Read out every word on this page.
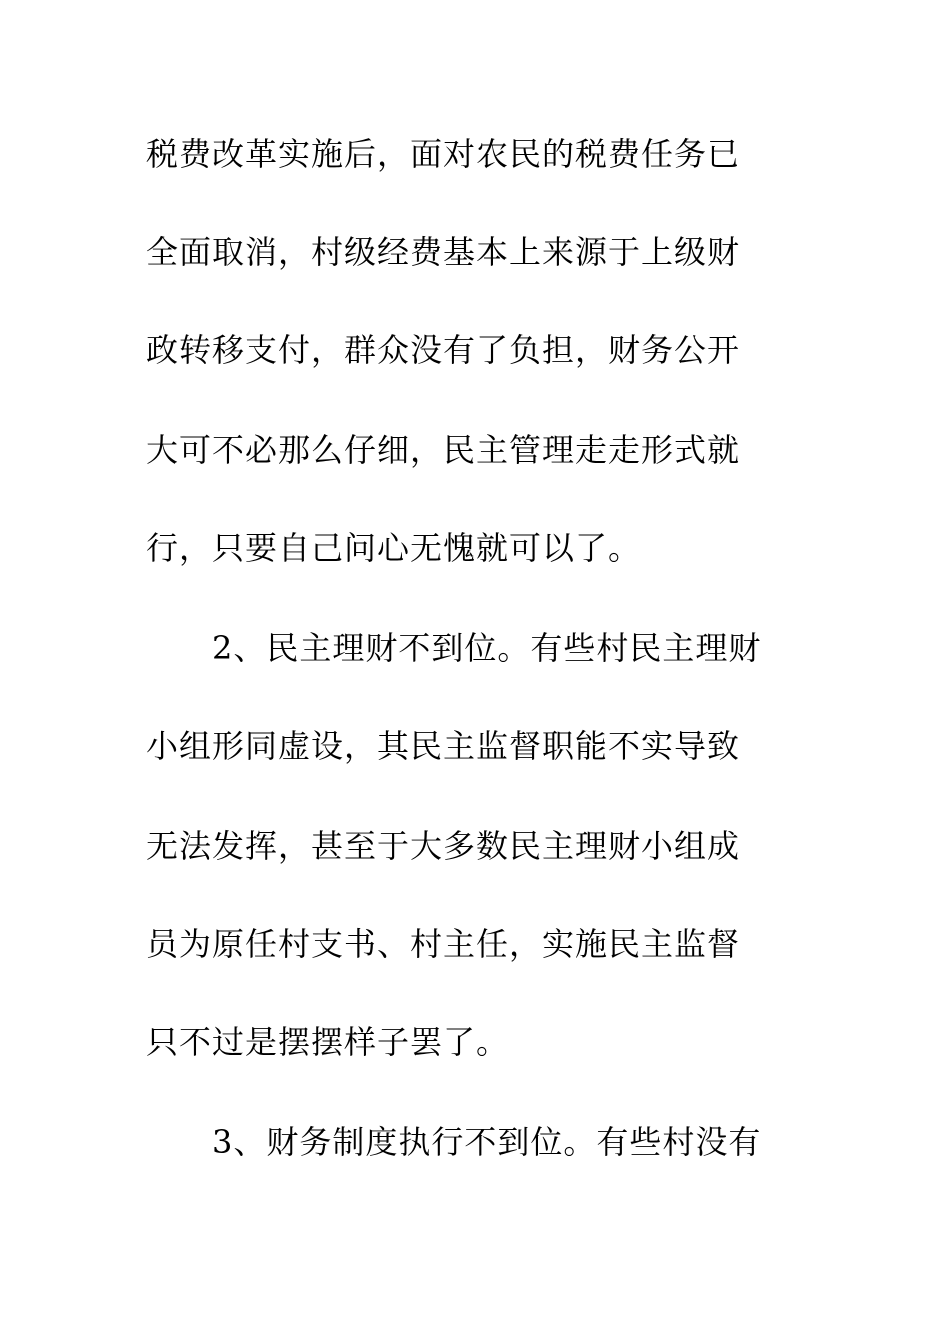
税费改革实施后，面对农民的税费任务已
全面取消，村级经费基本上来源于上级财
政转移支付，群众没有了负担，财务公开
大可不必那么仔细，民主管理走走形式就
行，只要自己问心无愧就可以了。
2、民主理财不到位。有些村民主理财
小组形同虚设，其民主监督职能不实导致
无法发挥，甚至于大多数民主理财小组成
员为原任村支书、村主任，实施民主监督
只不过是摆摆样子罢了。
3、财务制度执行不到位。有些村没有
